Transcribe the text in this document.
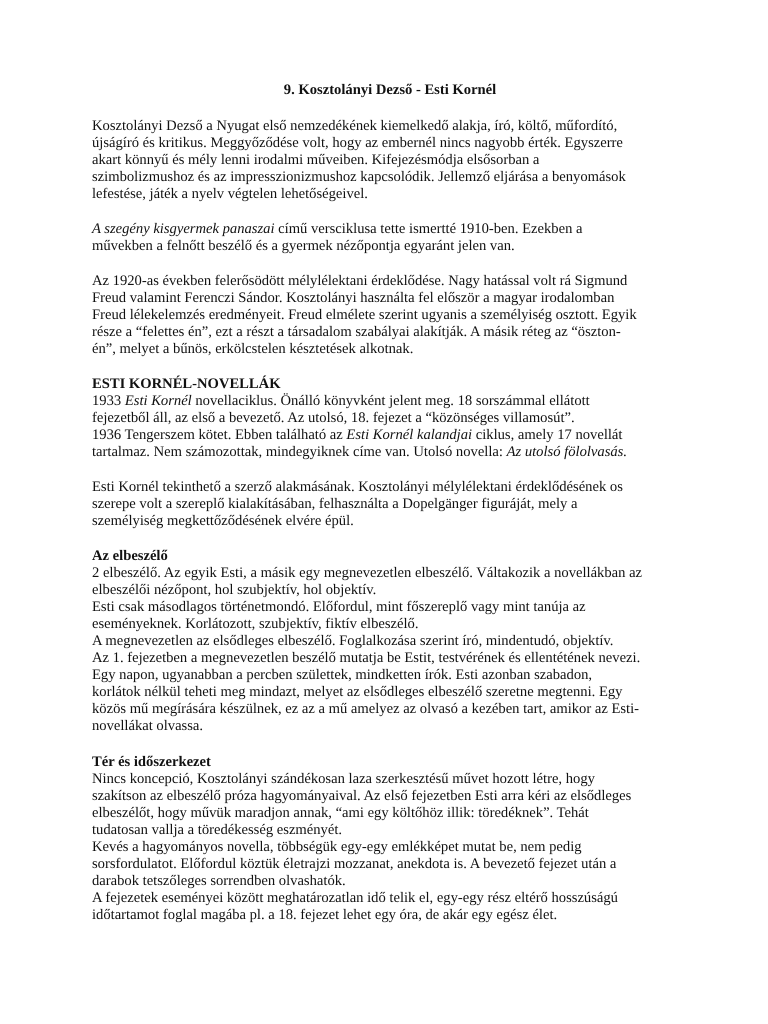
9. Kosztolányi Dezső - Esti Kornél
Kosztolányi Dezső a Nyugat első nemzedékének kiemelkedő alakja, író, költő, műfordító,
újságíró és kritikus. Meggyőződése volt, hogy az embernél nincs nagyobb érték. Egyszerre
akart könnyű és mély lenni irodalmi műveiben. Kifejezésmódja elsősorban a
szimbolizmushoz és az impresszionizmushoz kapcsolódik. Jellemző eljárása a benyomások
lefestése, játék a nyelv végtelen lehetőségeivel.
A szegény kisgyermek panaszai című versciklusa tette ismertté 1910-ben. Ezekben a
művekben a felnőtt beszélő és a gyermek nézőpontja egyaránt jelen van.
Az 1920-as években felerősödött mélylélektani érdeklődése. Nagy hatással volt rá Sigmund
Freud valamint Ferenczi Sándor. Kosztolányi használta fel először a magyar irodalomban
Freud lélekelemzés eredményeit. Freud elmélete szerint ugyanis a személyiség osztott. Egyik
része a “felettes én”, ezt a részt a társadalom szabályai alakítják. A másik réteg az “öszton-
én”, melyet a bűnös, erkölcstelen késztetések alkotnak.
ESTI KORNÉL-NOVELLÁK
1933 Esti Kornél novellaciklus. Önálló könyvként jelent meg. 18 sorszámmal ellátott
fejezetből áll, az első a bevezető. Az utolsó, 18. fejezet a “közönséges villamosút”.
1936 Tengerszem kötet. Ebben található az Esti Kornél kalandjai ciklus, amely 17 novellát
tartalmaz. Nem számozottak, mindegyiknek címe van. Utolsó novella: Az utolsó fölolvasás.
Esti Kornél tekinthető a szerző alakmásának. Kosztolányi mélylélektani érdeklődésének os
szerepe volt a szereplő kialakításában, felhasználta a Dopelgänger figuráját, mely a
személyiség megkettőződésének elvére épül.
Az elbeszélő
2 elbeszélő. Az egyik Esti, a másik egy megnevezetlen elbeszélő. Váltakozik a novellákban az
elbeszélői nézőpont, hol szubjektív, hol objektív.
Esti csak másodlagos történetmondó. Előfordul, mint főszereplő vagy mint tanúja az
eseményeknek. Korlátozott, szubjektív, fiktív elbeszélő.
A megnevezetlen az elsődleges elbeszélő. Foglalkozása szerint író, mindentudó, objektív.
Az 1. fejezetben a megnevezetlen beszélő mutatja be Estit, testvérének és ellentétének nevezi.
Egy napon, ugyanabban a percben születtek, mindketten írók. Esti azonban szabadon,
korlátok nélkül teheti meg mindazt, melyet az elsődleges elbeszélő szeretne megtenni. Egy
közös mű megírására készülnek, ez az a mű amelyez az olvasó a kezében tart, amikor az Esti-
novellákat olvassa.
Tér és időszerkezet
Nincs koncepció, Kosztolányi szándékosan laza szerkesztésű művet hozott létre, hogy
szakítson az elbeszélő próza hagyományaival. Az első fejezetben Esti arra kéri az elsődleges
elbeszélőt, hogy művük maradjon annak, “ami egy költőhöz illik: töredéknek”. Tehát
tudatosan vallja a töredékesség eszményét.
Kevés a hagyományos novella, többségük egy-egy emlékképet mutat be, nem pedig
sorsfordulatot. Előfordul köztük életrajzi mozzanat, anekdota is. A bevezető fejezet után a
darabok tetszőleges sorrendben olvashatók.
A fejezetek eseményei között meghatározatlan idő telik el, egy-egy rész eltérő hosszúságú
időtartamot foglal magába pl. a 18. fejezet lehet egy óra, de akár egy egész élet.
